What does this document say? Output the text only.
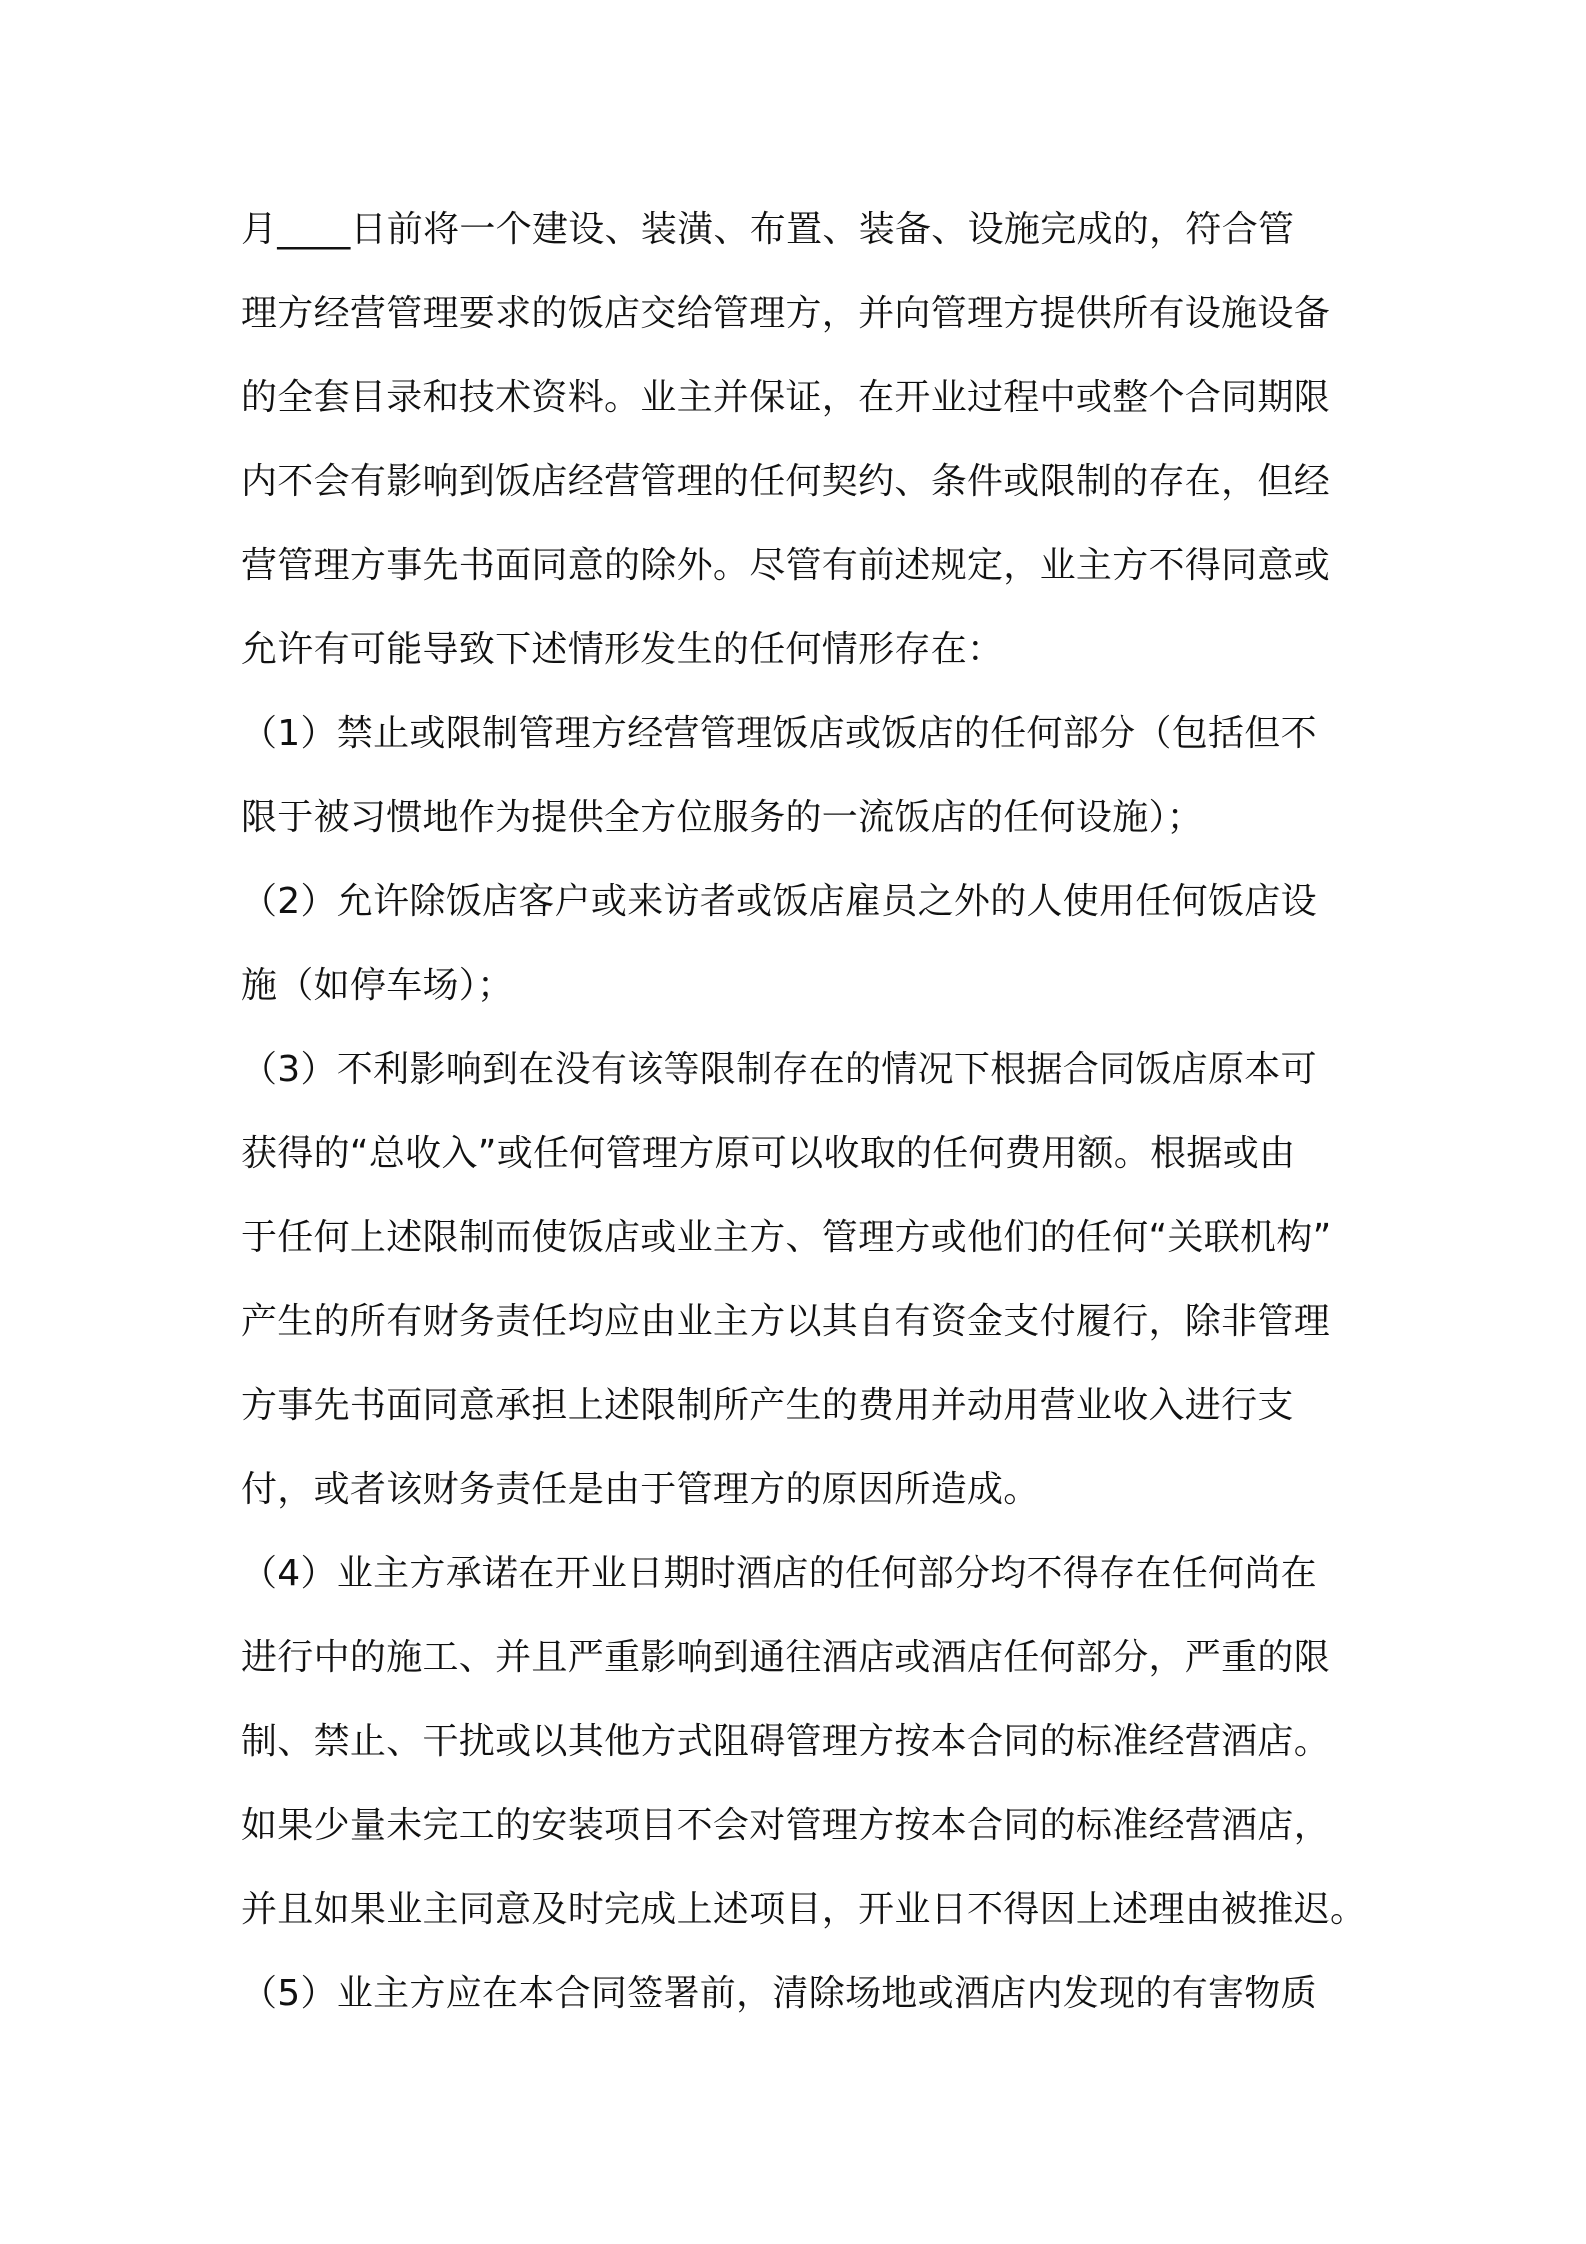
月____日前将一个建设、装潢、布置、装备、设施完成的，符合管
理方经营管理要求的饭店交给管理方，并向管理方提供所有设施设备
的全套目录和技术资料。业主并保证，在开业过程中或整个合同期限
内不会有影响到饭店经营管理的任何契约、条件或限制的存在，但经
营管理方事先书面同意的除外。尽管有前述规定，业主方不得同意或
允许有可能导致下述情形发生的任何情形存在：
（1）禁止或限制管理方经营管理饭店或饭店的任何部分（包括但不
限于被习惯地作为提供全方位服务的一流饭店的任何设施）；
（2）允许除饭店客户或来访者或饭店雇员之外的人使用任何饭店设
施（如停车场）；
（3）不利影响到在没有该等限制存在的情况下根据合同饭店原本可
获得的“总收入”或任何管理方原可以收取的任何费用额。根据或由
于任何上述限制而使饭店或业主方、管理方或他们的任何“关联机构”
产生的所有财务责任均应由业主方以其自有资金支付履行，除非管理
方事先书面同意承担上述限制所产生的费用并动用营业收入进行支
付，或者该财务责任是由于管理方的原因所造成。
（4）业主方承诺在开业日期时酒店的任何部分均不得存在任何尚在
进行中的施工、并且严重影响到通往酒店或酒店任何部分，严重的限
制、禁止、干扰或以其他方式阻碍管理方按本合同的标准经营酒店。
如果少量未完工的安装项目不会对管理方按本合同的标准经营酒店，
并且如果业主同意及时完成上述项目，开业日不得因上述理由被推迟。
（5）业主方应在本合同签署前，清除场地或酒店内发现的有害物质
